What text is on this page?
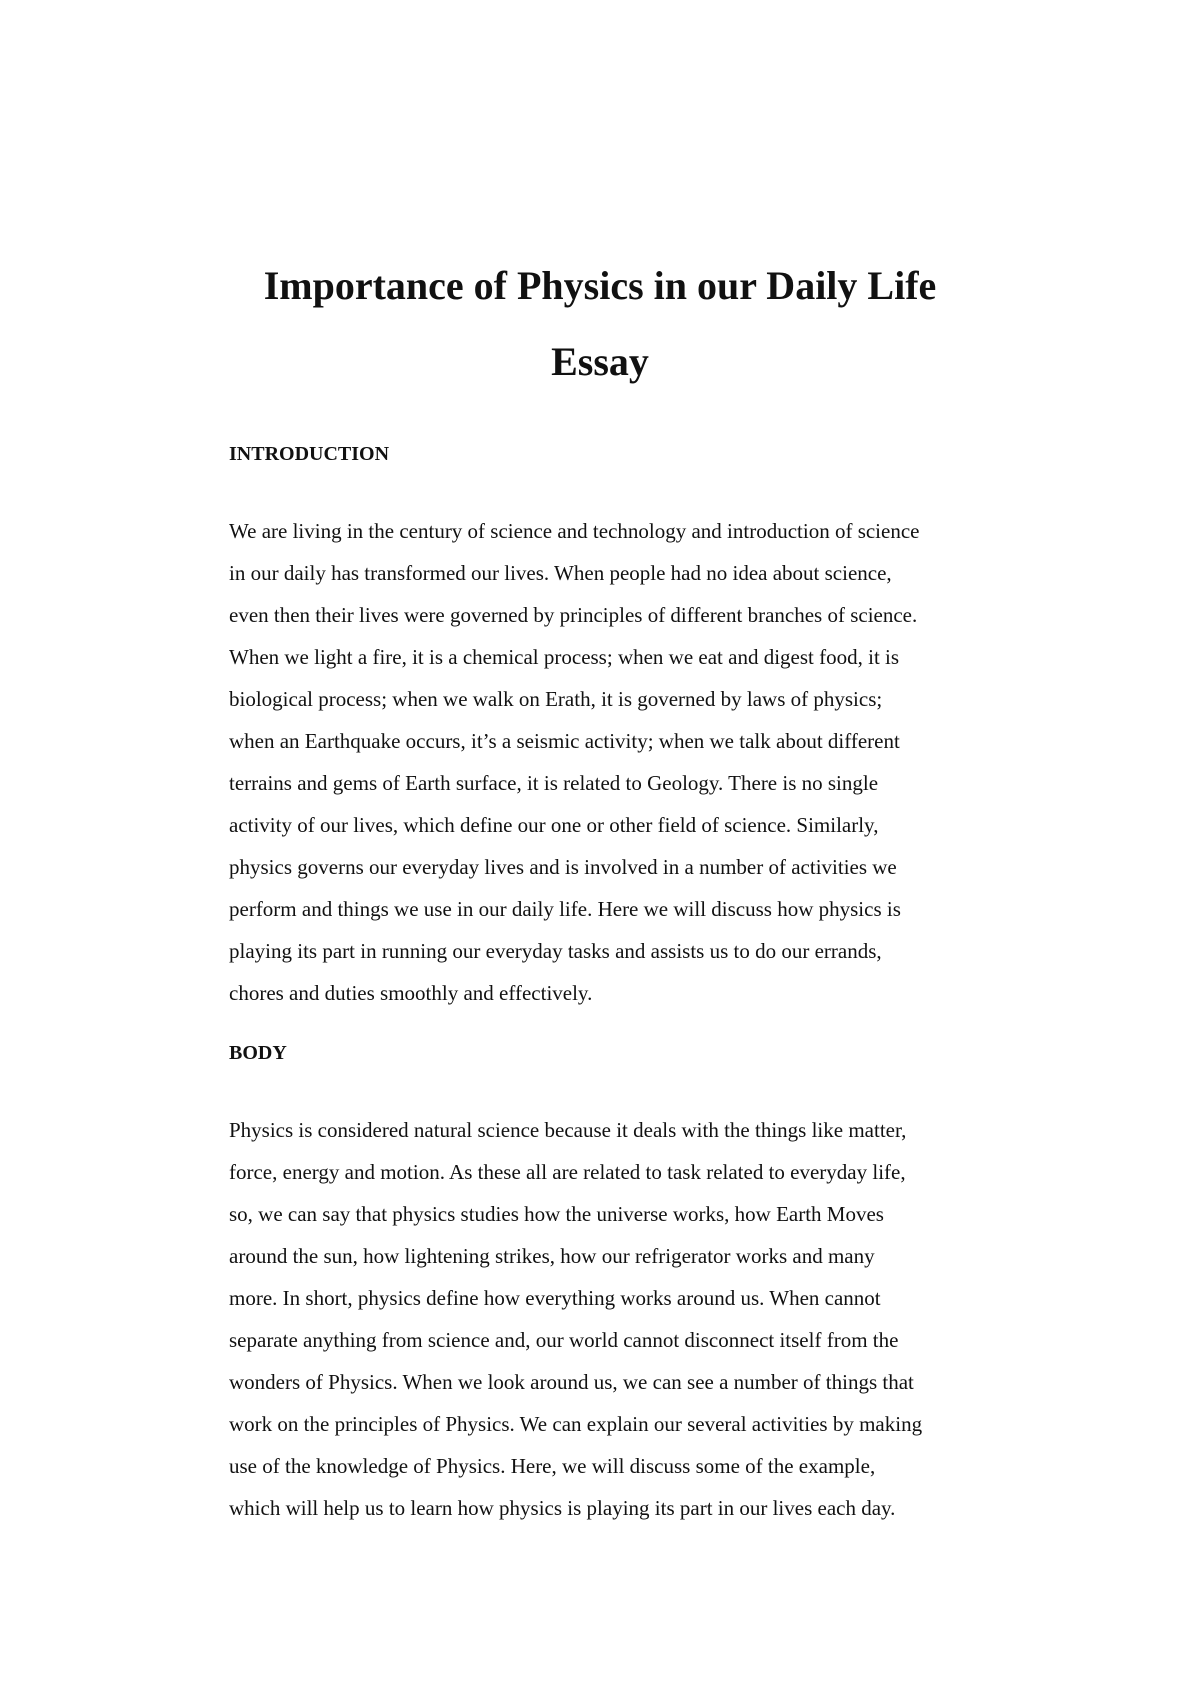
Importance of Physics in our Daily Life
Essay
INTRODUCTION
We are living in the century of science and technology and introduction of science
in our daily has transformed our lives. When people had no idea about science,
even then their lives were governed by principles of different branches of science.
When we light a fire, it is a chemical process; when we eat and digest food, it is
biological process; when we walk on Erath, it is governed by laws of physics;
when an Earthquake occurs, it’s a seismic activity; when we talk about different
terrains and gems of Earth surface, it is related to Geology. There is no single
activity of our lives, which define our one or other field of science. Similarly,
physics governs our everyday lives and is involved in a number of activities we
perform and things we use in our daily life. Here we will discuss how physics is
playing its part in running our everyday tasks and assists us to do our errands,
chores and duties smoothly and effectively.
BODY
Physics is considered natural science because it deals with the things like matter,
force, energy and motion. As these all are related to task related to everyday life,
so, we can say that physics studies how the universe works, how Earth Moves
around the sun, how lightening strikes, how our refrigerator works and many
more. In short, physics define how everything works around us. When cannot
separate anything from science and, our world cannot disconnect itself from the
wonders of Physics. When we look around us, we can see a number of things that
work on the principles of Physics. We can explain our several activities by making
use of the knowledge of Physics. Here, we will discuss some of the example,
which will help us to learn how physics is playing its part in our lives each day.
